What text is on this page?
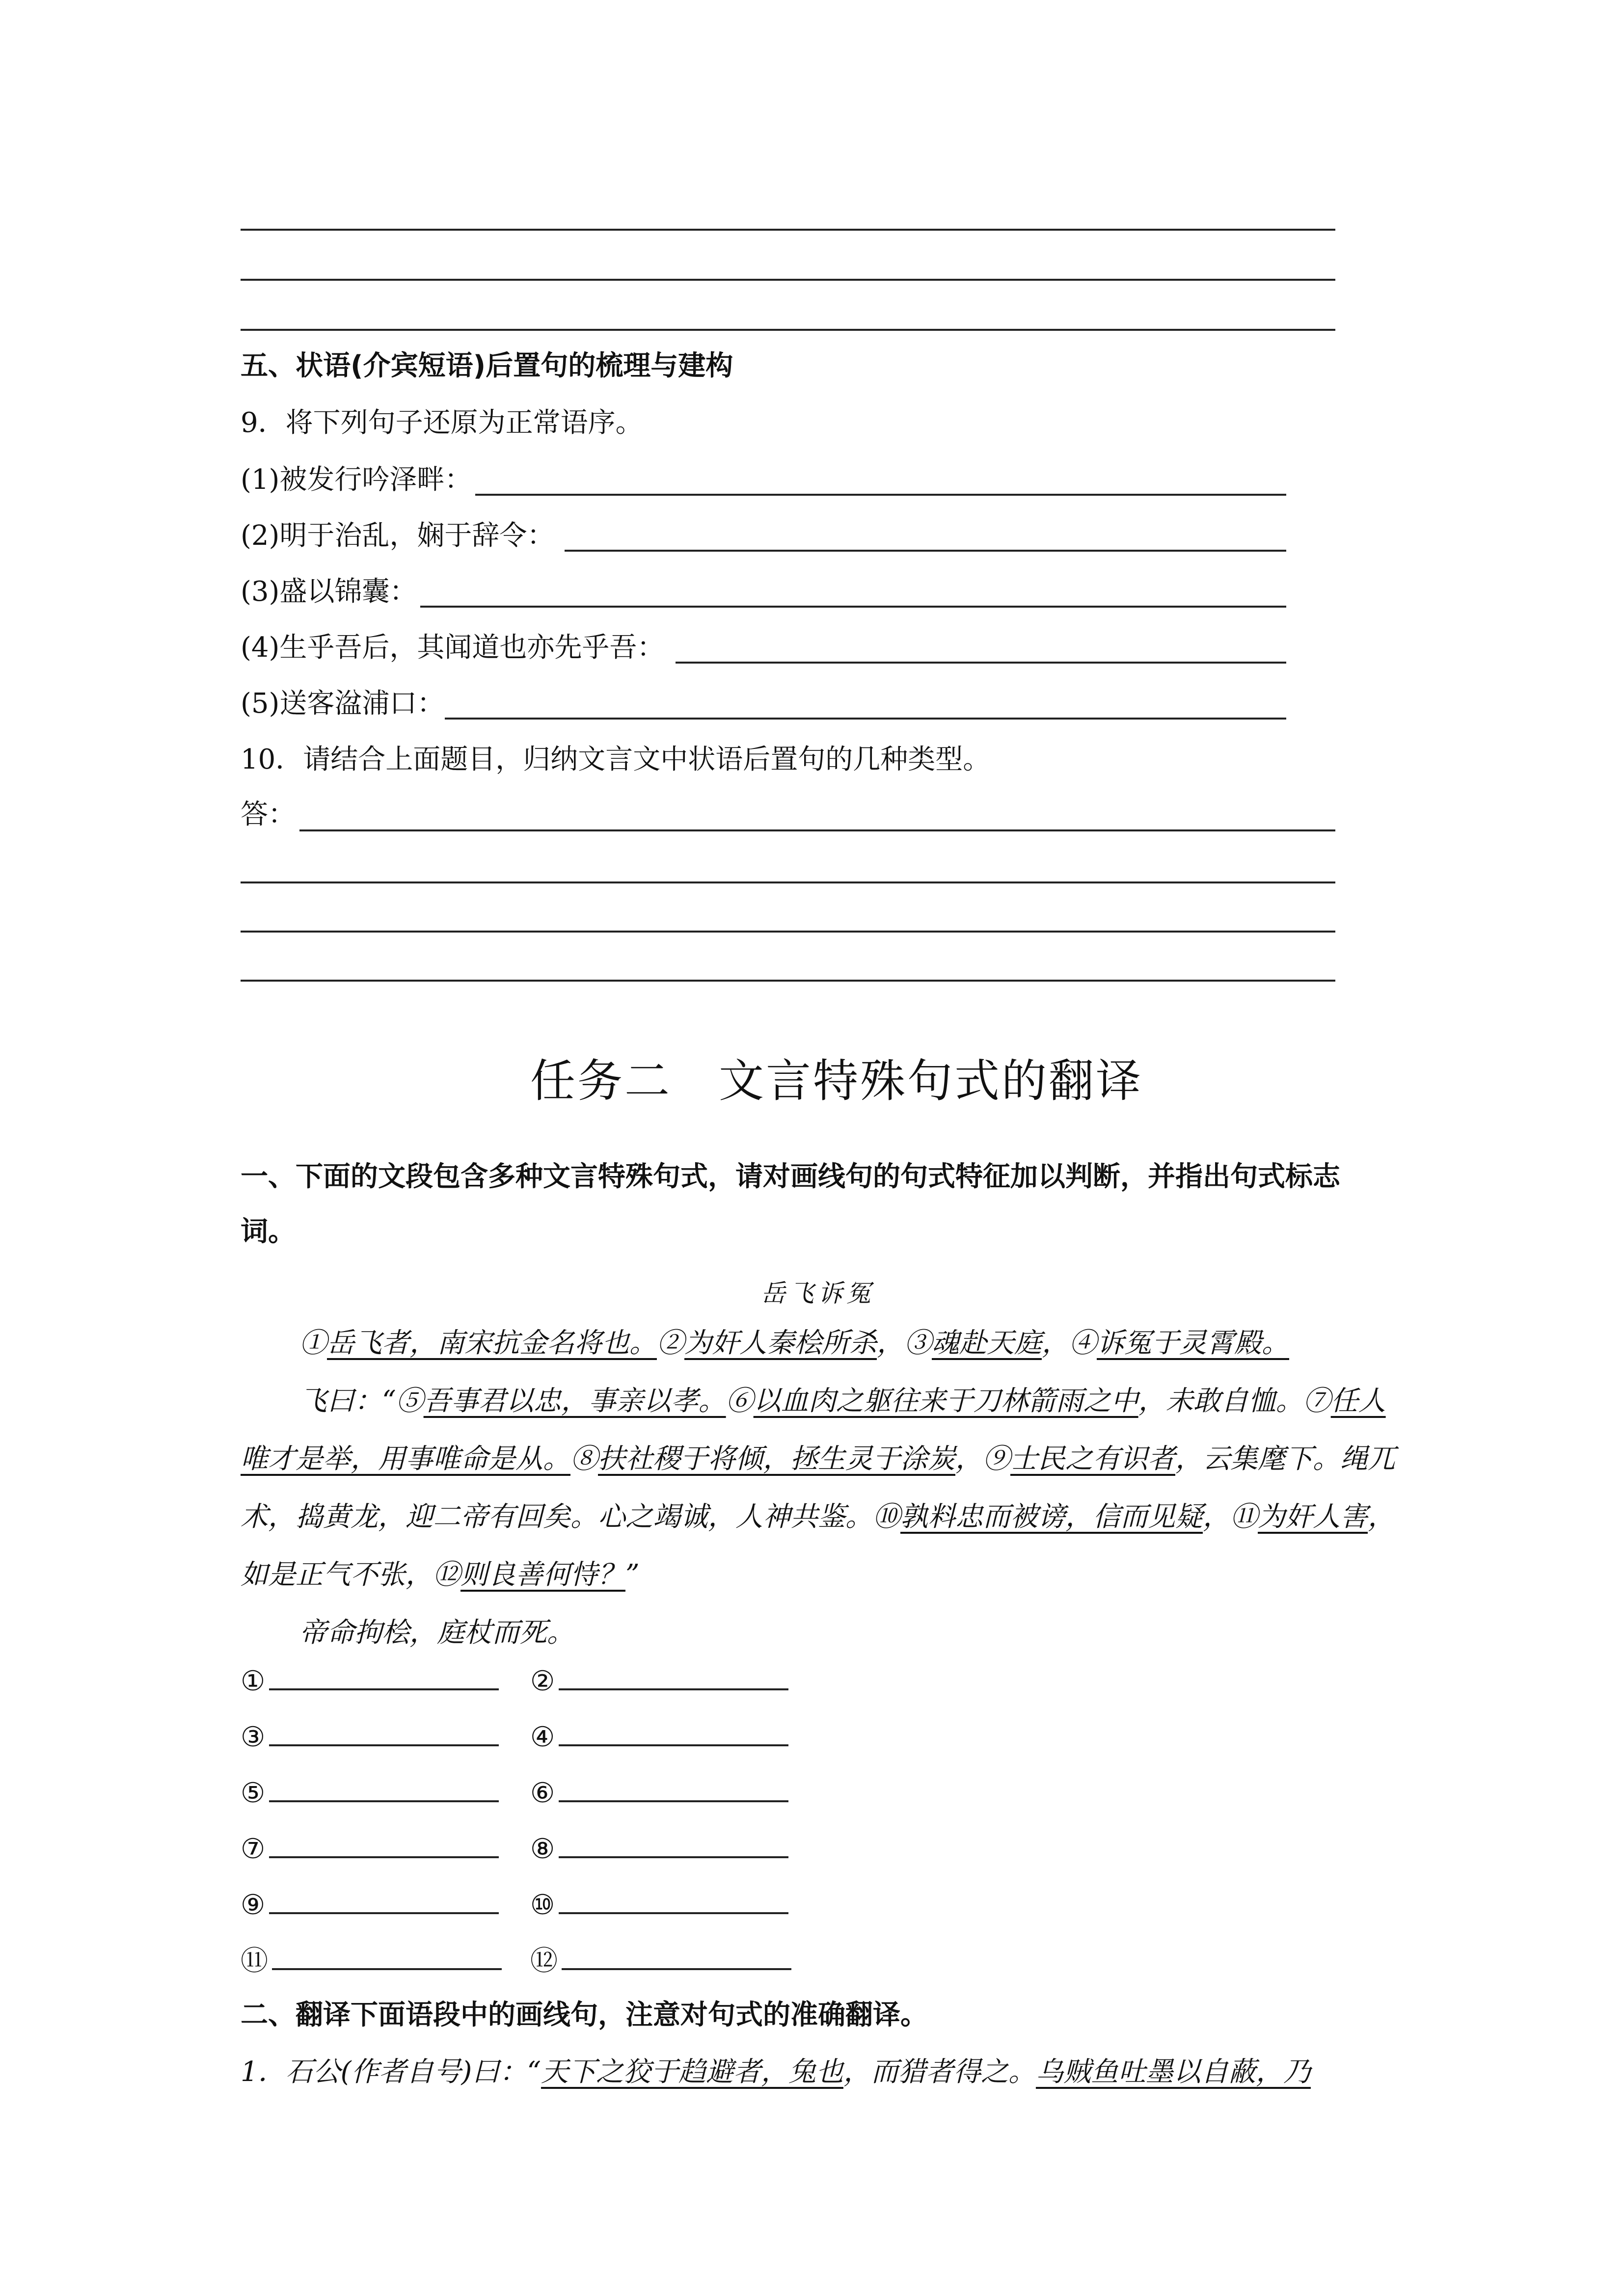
五、状语(介宾短语)后置句的梳理与建构
9．将下列句子还原为正常语序。
(1)被发行吟泽畔：
(2)明于治乱，娴于辞令：
(3)盛以锦囊：
(4)生乎吾后，其闻道也亦先乎吾：
(5)送客湓浦口：
10．请结合上面题目，归纳文言文中状语后置句的几种类型。
答：
任务二　文言特殊句式的翻译
一、下面的文段包含多种文言特殊句式，请对画线句的句式特征加以判断，并指出句式标志
词。
岳飞诉冤

①岳飞者，南宋抗金名将也。②为奸人秦桧所杀，③魂赴天庭，④诉冤于灵霄殿。

飞曰：“⑤吾事君以忠，事亲以孝。⑥以血肉之躯往来于刀林箭雨之中，未敢自恤。⑦任人唯才是举，用事唯命是从。⑧扶社稷于将倾，拯生灵于涂炭，⑨士民之有识者，云集麾下。绳兀术，捣黄龙，迎二帝有回矣。心之竭诚，人神共鉴。⑩孰料忠而被谤，信而见疑，⑪为奸人害，如是正气不张，⑫则良善何恃？”

帝命拘桧，庭杖而死。

①	②
③	④
⑤	⑥
⑦	⑧
⑨	⑩
⑪	⑫
二、翻译下面语段中的画线句，注意对句式的准确翻译。
1．石公(作者自号)曰：“天下之狡于趋避者，兔也，而猎者得之。乌贼鱼吐墨以自蔽，乃
